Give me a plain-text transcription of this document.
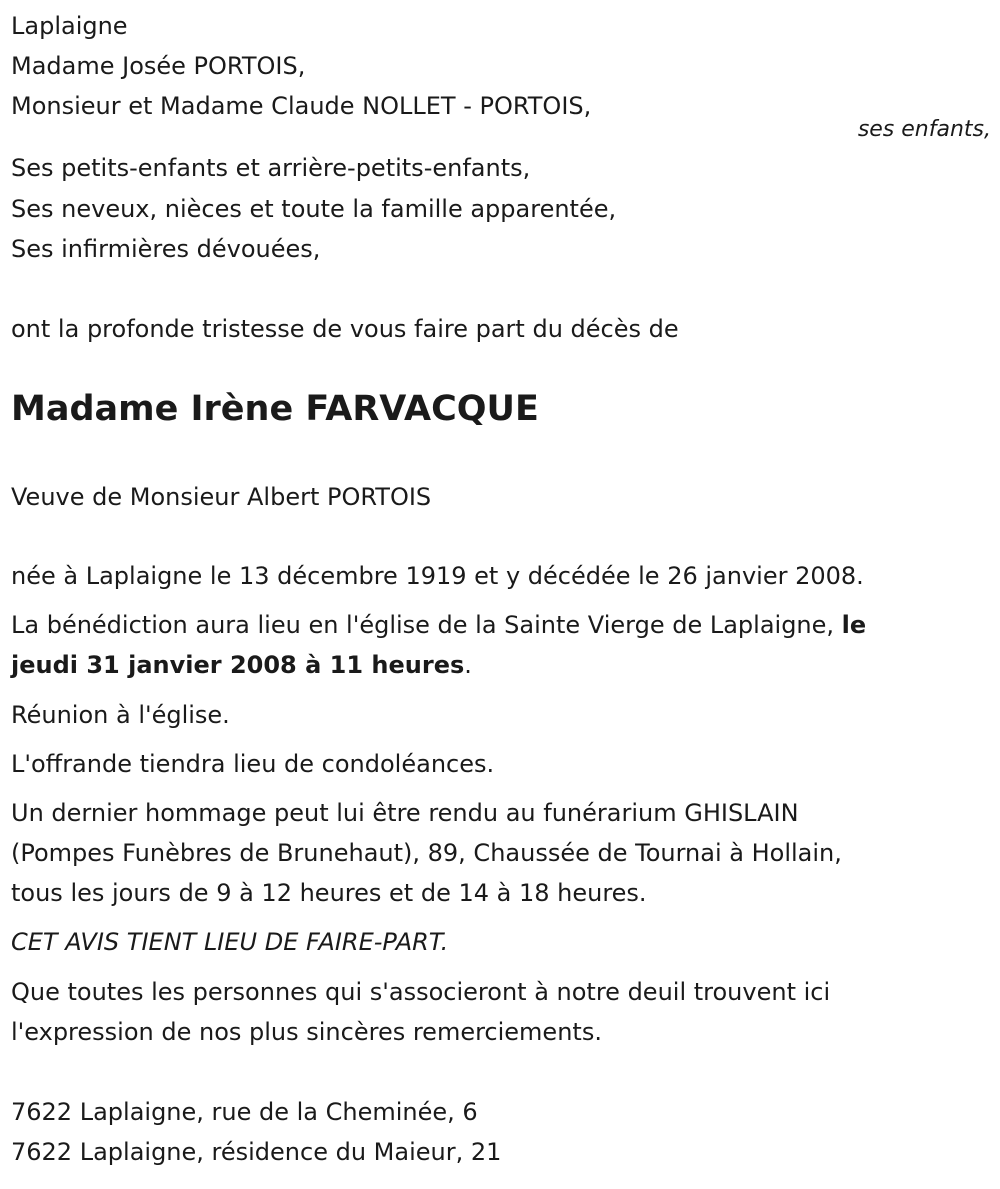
Laplaigne
Madame Josée PORTOIS,
Monsieur et Madame Claude NOLLET - PORTOIS,
Ses petits-enfants et arrière-petits-enfants,
Ses neveux, nièces et toute la famille apparentée,
Ses infirmières dévouées,
ont la profonde tristesse de vous faire part du décès de
Madame Irène FARVACQUE
Veuve de Monsieur Albert PORTOIS
née à Laplaigne le 13 décembre 1919 et y décédée le 26 janvier 2008.
La bénédiction aura lieu en l'église de la Sainte Vierge de Laplaigne, le
jeudi 31 janvier 2008 à 11 heures.
Réunion à l'église.
L'offrande tiendra lieu de condoléances.
Un dernier hommage peut lui être rendu au funérarium GHISLAIN
(Pompes Funèbres de Brunehaut), 89, Chaussée de Tournai à Hollain,
tous les jours de 9 à 12 heures et de 14 à 18 heures.
CET AVIS TIENT LIEU DE FAIRE-PART.
Que toutes les personnes qui s'associeront à notre deuil trouvent ici
l'expression de nos plus sincères remerciements.
7622 Laplaigne, rue de la Cheminée, 6
7622 Laplaigne, résidence du Maieur, 21
ses enfants,
